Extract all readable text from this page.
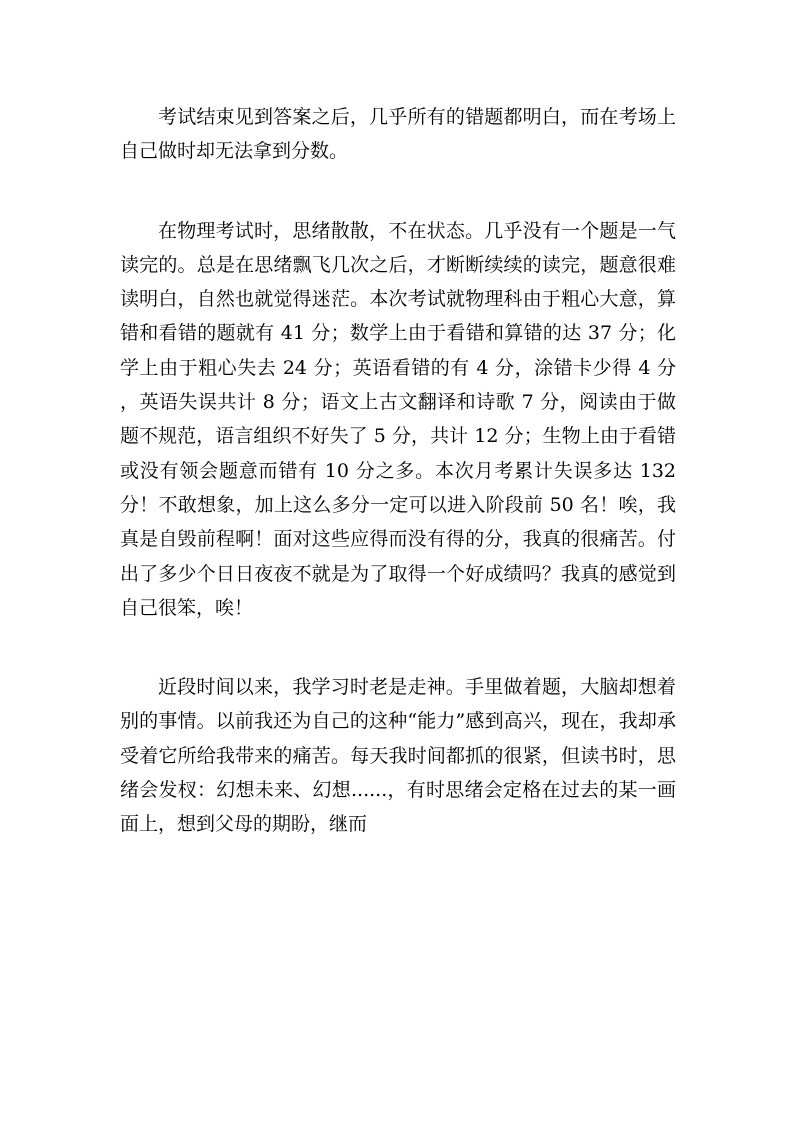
考试结束见到答案之后，几乎所有的错题都明白，而在考场上自己做时却无法拿到分数。

在物理考试时，思绪散散，不在状态。几乎没有一个题是一气读完的。总是在思绪飘飞几次之后，才断断续续的读完，题意很难读明白，自然也就觉得迷茫。本次考试就物理科由于粗心大意，算错和看错的题就有 41 分；数学上由于看错和算错的达 37 分；化学上由于粗心失去 24 分；英语看错的有 4 分，涂错卡少得 4 分，英语失误共计 8 分；语文上古文翻译和诗歌 7 分，阅读由于做题不规范，语言组织不好失了 5 分，共计 12 分；生物上由于看错或没有领会题意而错有 10 分之多。本次月考累计失误多达 132 分！不敢想象，加上这么多分一定可以进入阶段前 50 名！唉，我真是自毁前程啊！面对这些应得而没有得的分，我真的很痛苦。付出了多少个日日夜夜不就是为了取得一个好成绩吗？我真的感觉到自己很笨，唉！

近段时间以来，我学习时老是走神。手里做着题，大脑却想着别的事情。以前我还为自己的这种“能力”感到高兴，现在，我却承受着它所给我带来的痛苦。每天我时间都抓的很紧，但读书时，思绪会发杈：幻想未来、幻想......，有时思绪会定格在过去的某一画面上，想到父母的期盼，继而
